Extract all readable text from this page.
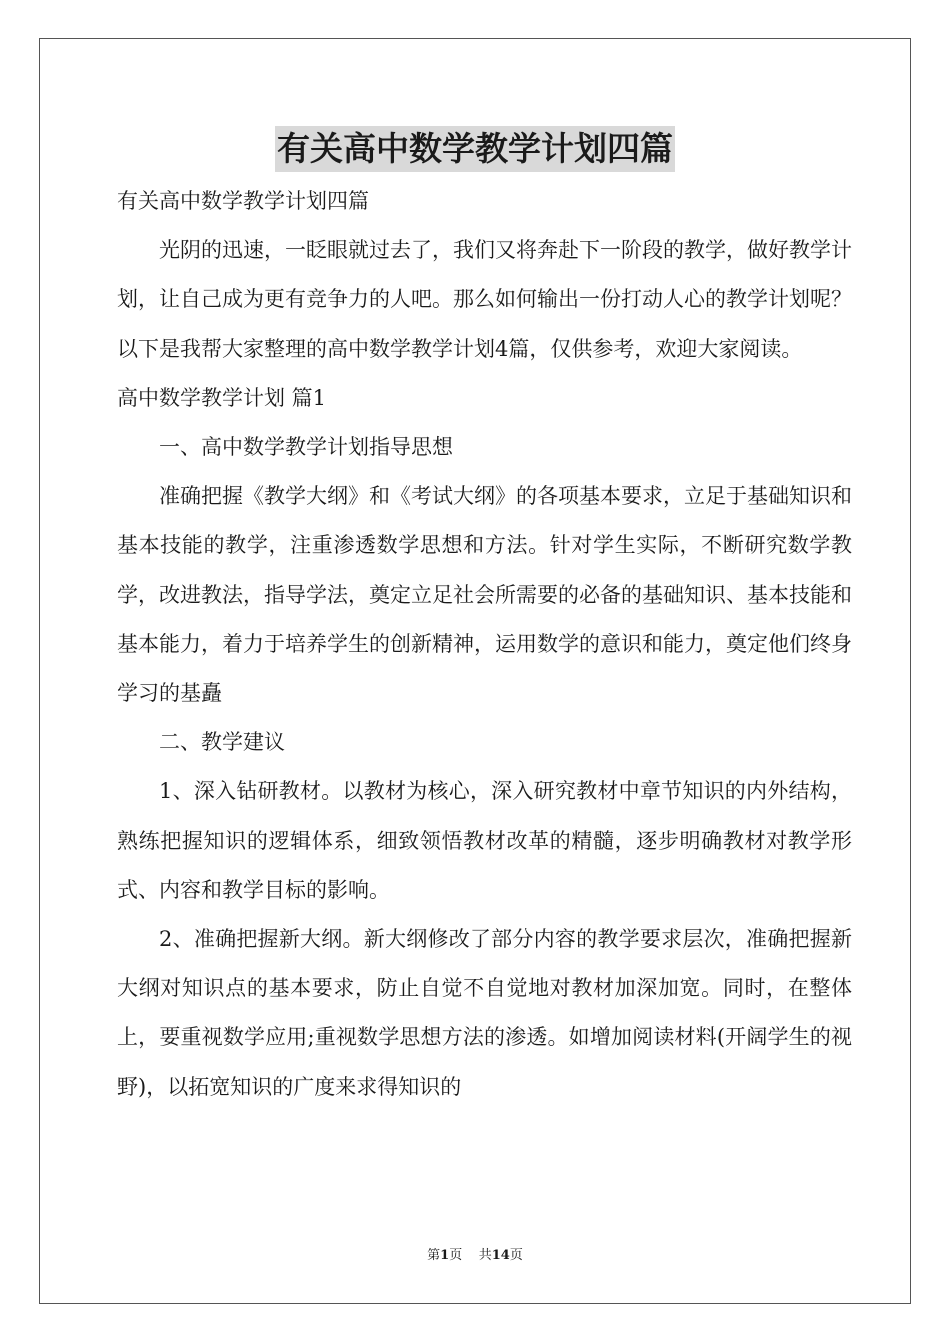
有关高中数学教学计划四篇

有关高中数学教学计划四篇

光阴的迅速，一眨眼就过去了，我们又将奔赴下一阶段的教学，做好教学计划，让自己成为更有竞争力的人吧。那么如何输出一份打动人心的教学计划呢？以下是我帮大家整理的高中数学教学计划4篇，仅供参考，欢迎大家阅读。

高中数学教学计划 篇1

一、高中数学教学计划指导思想

准确把握《教学大纲》和《考试大纲》的各项基本要求，立足于基础知识和基本技能的教学，注重渗透数学思想和方法。针对学生实际，不断研究数学教学，改进教法，指导学法，奠定立足社会所需要的必备的基础知识、基本技能和基本能力，着力于培养学生的创新精神，运用数学的意识和能力，奠定他们终身学习的基矗

二、教学建议

1、深入钻研教材。以教材为核心，深入研究教材中章节知识的内外结构，熟练把握知识的逻辑体系，细致领悟教材改革的精髓，逐步明确教材对教学形式、内容和教学目标的影响。

2、准确把握新大纲。新大纲修改了部分内容的教学要求层次，准确把握新大纲对知识点的基本要求，防止自觉不自觉地对教材加深加宽。同时，在整体上，要重视数学应用;重视数学思想方法的渗透。如增加阅读材料(开阔学生的视野)，以拓宽知识的广度来求得知识的

第1页 共14页
